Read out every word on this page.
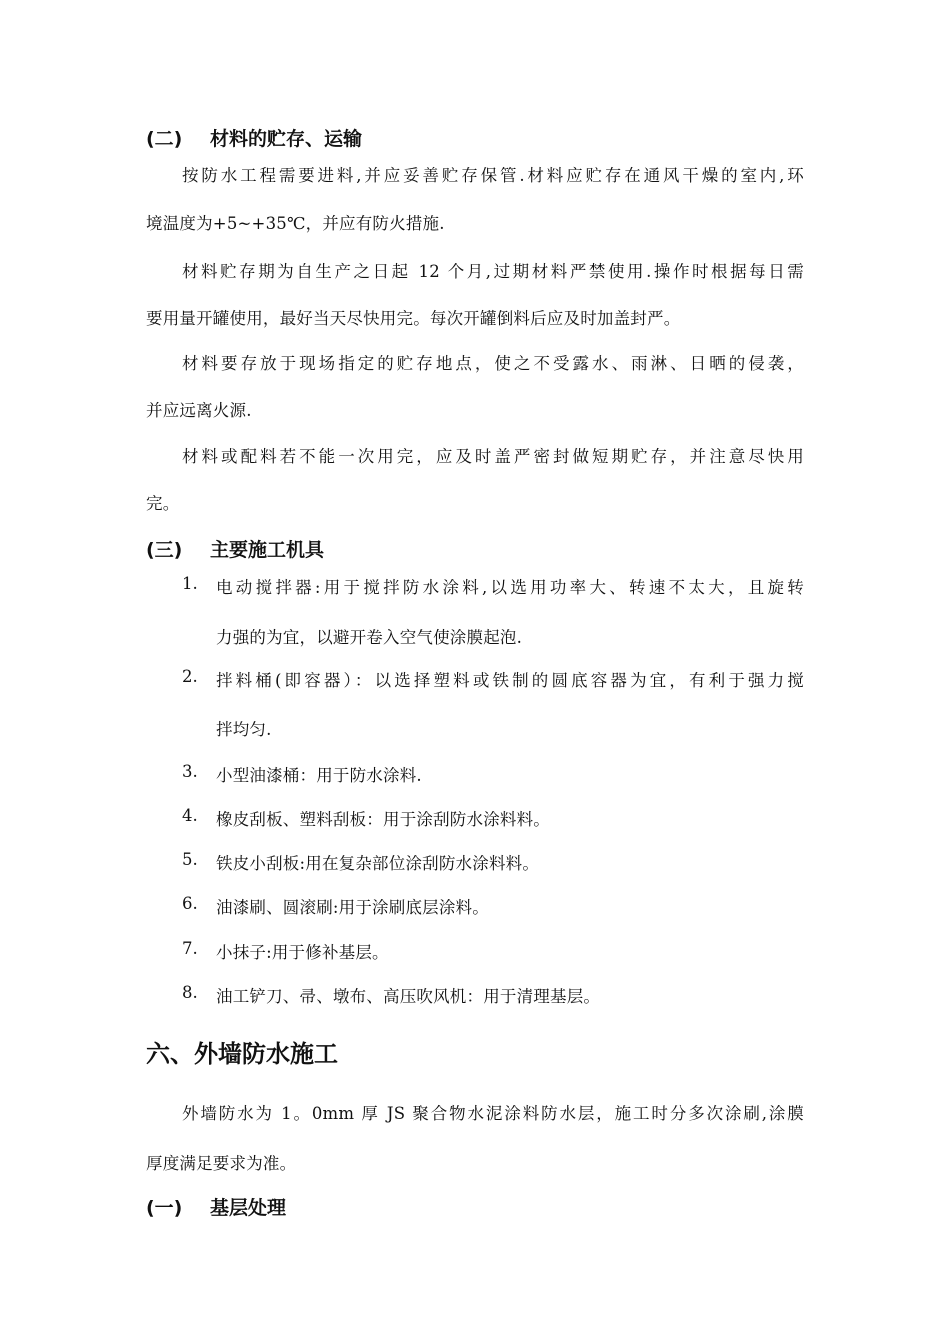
(二) 材料的贮存、运输
按防水工程需要进料,并应妥善贮存保管.材料应贮存在通风干燥的室内,环
境温度为+5~+35℃，并应有防火措施.
材料贮存期为自生产之日起 12 个月,过期材料严禁使用.操作时根据每日需
要用量开罐使用，最好当天尽快用完。每次开罐倒料后应及时加盖封严。
材料要存放于现场指定的贮存地点，使之不受露水、雨淋、日晒的侵袭，
并应远离火源.
材料或配料若不能一次用完，应及时盖严密封做短期贮存，并注意尽快用
完。
(三) 主要施工机具
1. 电动搅拌器:用于搅拌防水涂料,以选用功率大、转速不太大，且旋转
力强的为宜，以避开卷入空气使涂膜起泡.
2. 拌料桶(即容器）：以选择塑料或铁制的圆底容器为宜，有利于强力搅
拌均匀.
3. 小型油漆桶：用于防水涂料.
4. 橡皮刮板、塑料刮板：用于涂刮防水涂料料。
5. 铁皮小刮板:用在复杂部位涂刮防水涂料料。
6. 油漆刷、圆滚刷:用于涂刷底层涂料。
7. 小抹子:用于修补基层。
8. 油工铲刀、帚、墩布、高压吹风机：用于清理基层。
六、外墙防水施工
外墙防水为 1。0mm 厚 JS 聚合物水泥涂料防水层，施工时分多次涂刷,涂膜
厚度满足要求为准。
(一) 基层处理
